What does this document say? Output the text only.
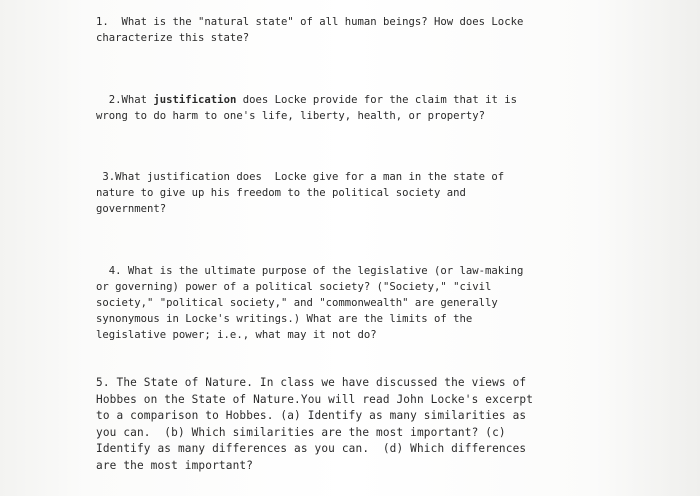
1.  What is the "natural state" of all human beings? How does Locke
characterize this state?

2.What justification does Locke provide for the claim that it is
wrong to do harm to one's life, liberty, health, or property?

3.What justification does  Locke give for a man in the state of
nature to give up his freedom to the political society and
government?

4. What is the ultimate purpose of the legislative (or law-making
or governing) power of a political society? ("Society," "civil
society," "political society," and "commonwealth" are generally
synonymous in Locke's writings.) What are the limits of the
legislative power; i.e., what may it not do?

5. The State of Nature. In class we have discussed the views of
Hobbes on the State of Nature.You will read John Locke's excerpt
to a comparison to Hobbes. (a) Identify as many similarities as
you can.  (b) Which similarities are the most important? (c)
Identify as many differences as you can.  (d) Which differences
are the most important?
